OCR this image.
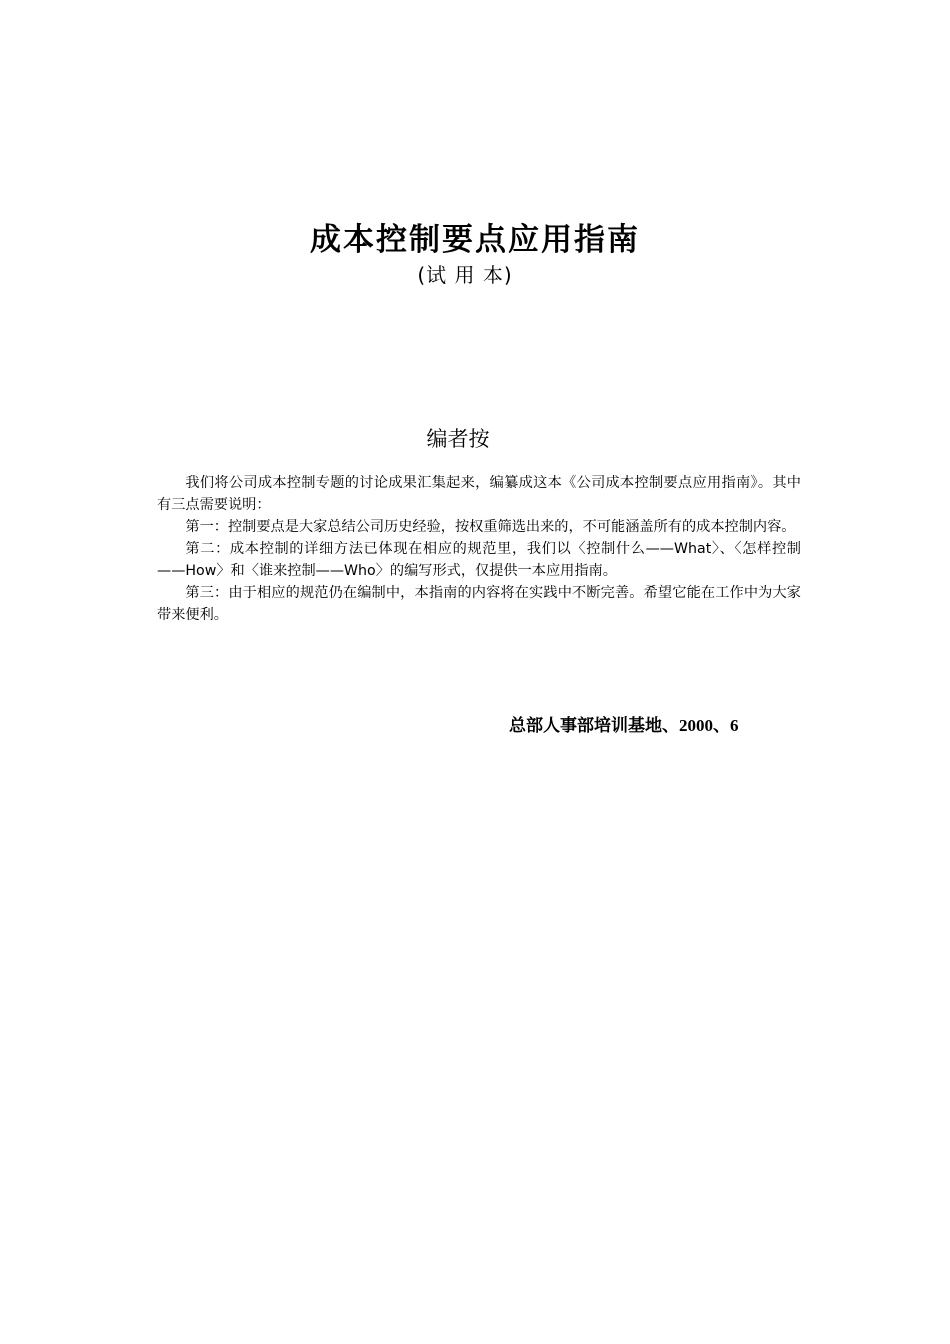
成本控制要点应用指南
(试 用 本)
编者按

我们将公司成本控制专题的讨论成果汇集起来，编纂成这本《公司成本控制要点应用指南》。其中有三点需要说明：

第一：控制要点是大家总结公司历史经验，按权重筛选出来的，不可能涵盖所有的成本控制内容。

第二：成本控制的详细方法已体现在相应的规范里，我们以〈控制什么——What〉、〈怎样控制——How〉和〈谁来控制——Who〉的编写形式，仅提供一本应用指南。

第三：由于相应的规范仍在编制中，本指南的内容将在实践中不断完善。希望它能在工作中为大家带来便利。

总部人事部培训基地、2000、6
